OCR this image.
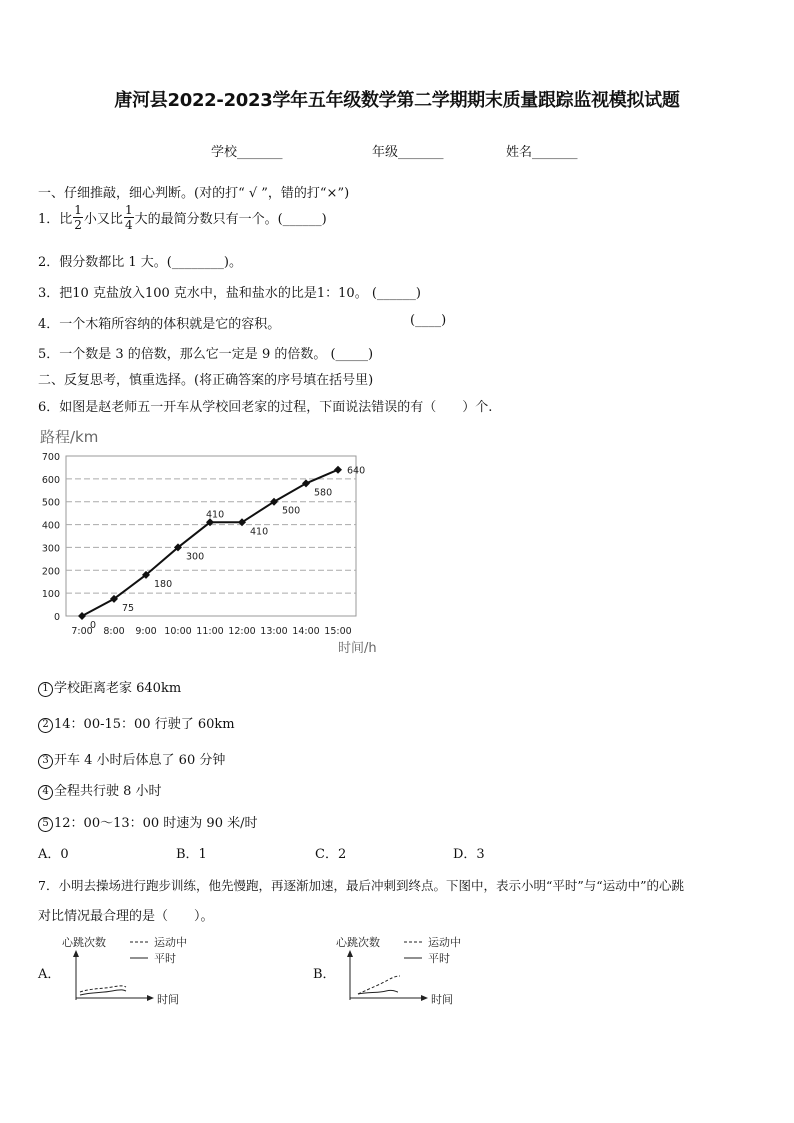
唐河县2022-2023学年五年级数学第二学期期末质量跟踪监视模拟试题
学校_______	年级_______	姓名_______
一、仔细推敲，细心判断。(对的打“ √ ”，错的打“×”)
1．比 $\frac{1}{2}$ 小又比 $\frac{1}{4}$ 大的最简分数只有一个。(______)
2．假分数都比 1 大。(________)。
3．把10 克盐放入100 克水中，盐和盐水的比是1：10。 (______)
4．一个木箱所容纳的体积就是它的容积。	(____)
5．一个数是 3 的倍数，那么它一定是 9 的倍数。 (_____)
二、反复思考，慎重选择。(将正确答案的序号填在括号里)
6．如图是赵老师五一开车从学校回老家的过程，下面说法错误的有（　　）个.
路程/km
时间/h
0
100
200
300
400
500
600
700
7:00 8:00 9:00 10:00 11:00 12:00 13:00 14:00 15:00
0
75
180
300
410
410
500
580
640
1 学校距离老家 640km
2 14：00-15：00 行驶了 60km
3 开车 4 小时后体息了 60 分钟
4 全程共行驶 8 小时
5 12：00～13：00 时速为 90 米/时
A．0	B．1	C．2	D．3
7．小明去操场进行跑步训练，他先慢跑，再逐渐加速，最后冲刺到终点。下图中，表示小明“平时”与“运动中”的心跳
对比情况最合理的是（　　）。
A．
心跳次数
时间
运动中
平时
B．
心跳次数
时间
运动中
平时
